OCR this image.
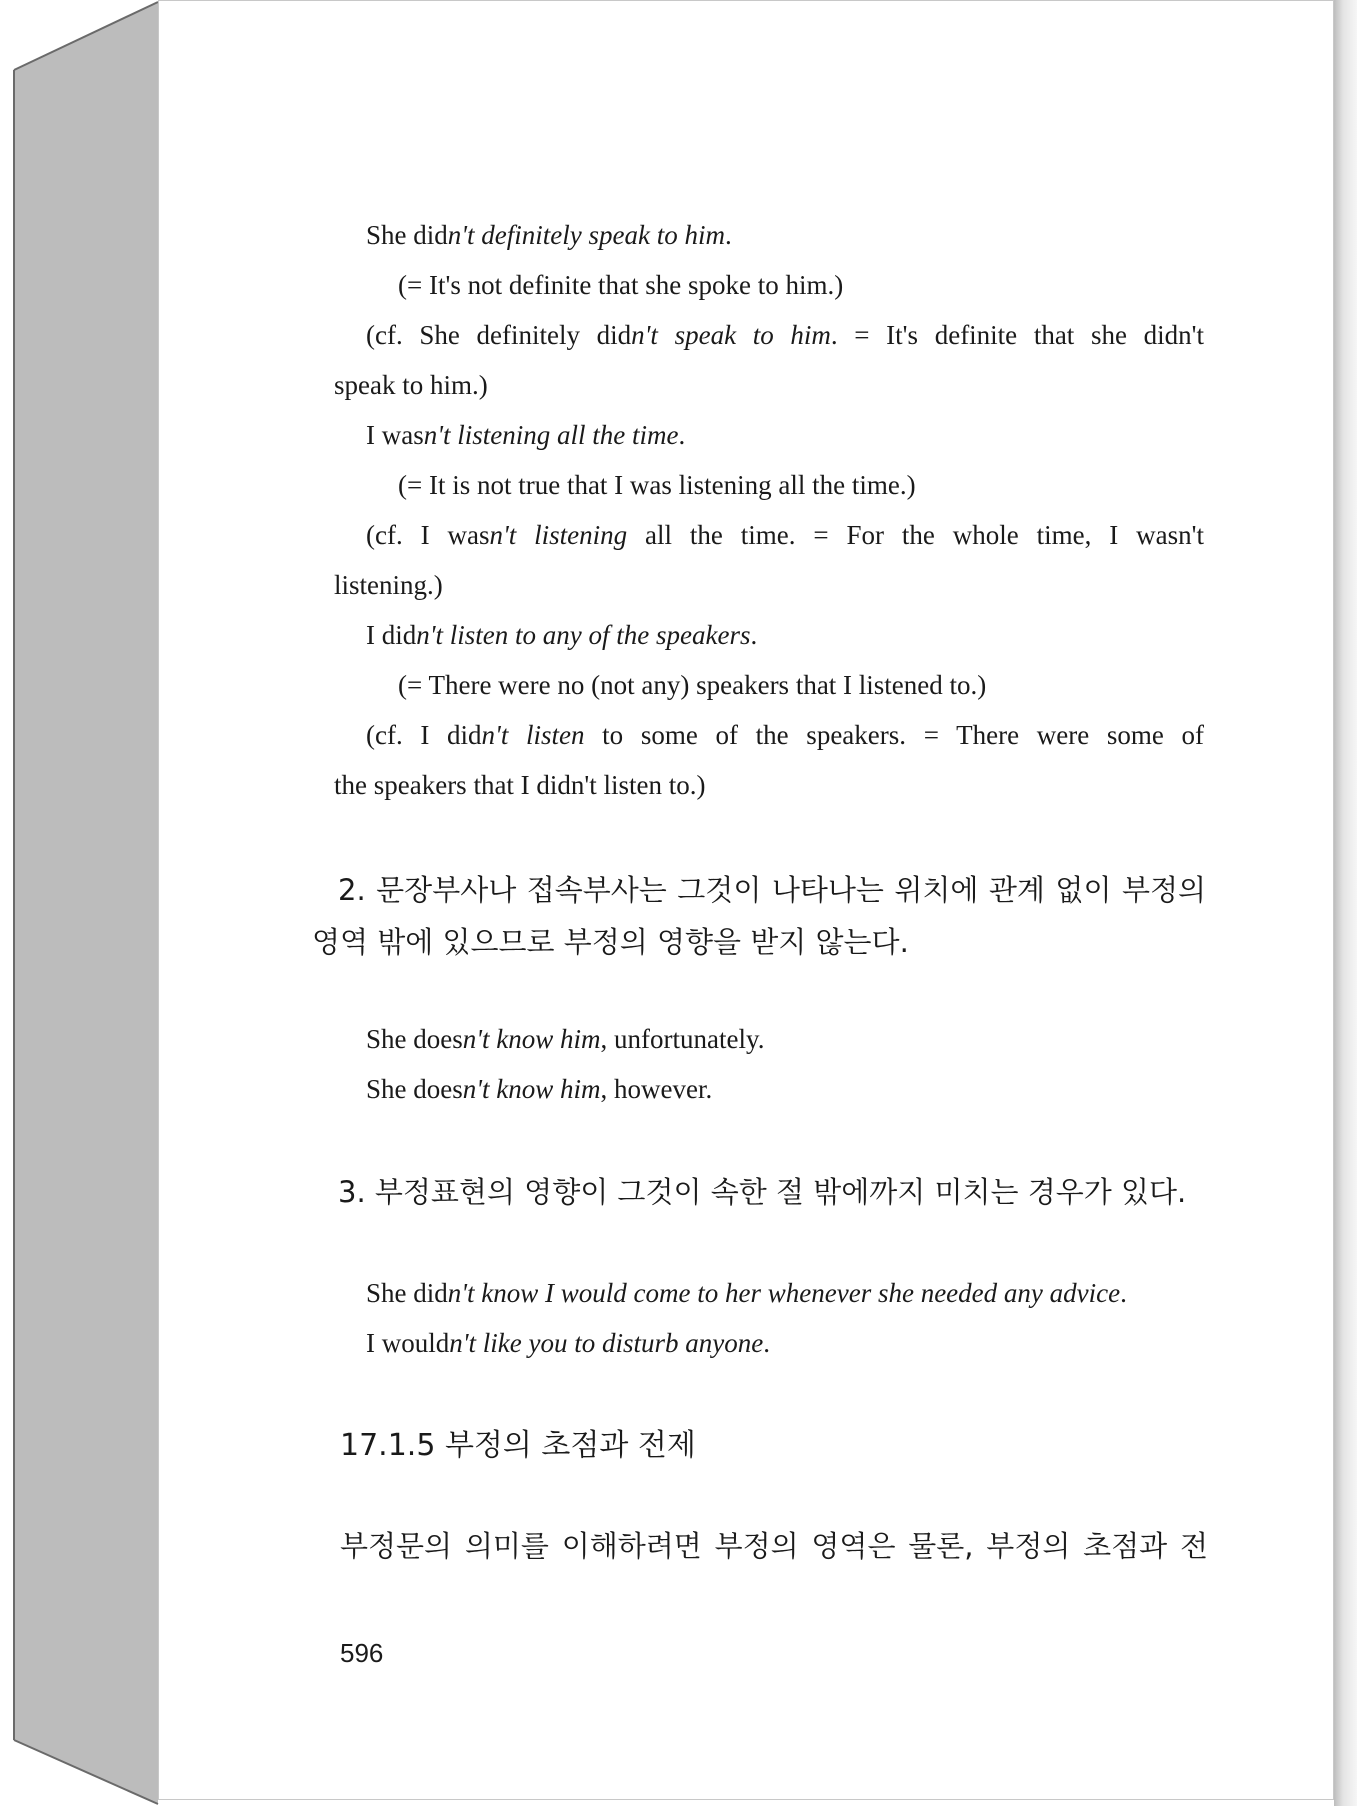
She didn't definitely speak to him.
(= It's not definite that she spoke to him.)
(cf. She definitely didn't speak to him. = It's definite that she didn't
speak to him.)
I wasn't listening all the time.
(= It is not true that I was listening all the time.)
(cf. I wasn't listening all the time. = For the whole time, I wasn't
listening.)
I didn't listen to any of the speakers.
(= There were no (not any) speakers that I listened to.)
(cf. I didn't listen to some of the speakers. = There were some of
the speakers that I didn't listen to.)
2. 문장부사나 접속부사는 그것이 나타나는 위치에 관계 없이 부정의
영역 밖에 있으므로 부정의 영향을 받지 않는다.
She doesn't know him, unfortunately.
She doesn't know him, however.
3. 부정표현의 영향이 그것이 속한 절 밖에까지 미치는 경우가 있다.
She didn't know I would come to her whenever she needed any advice.
I wouldn't like you to disturb anyone.
17.1.5 부정의 초점과 전제
부정문의 의미를 이해하려면 부정의 영역은 물론, 부정의 초점과 전
596
